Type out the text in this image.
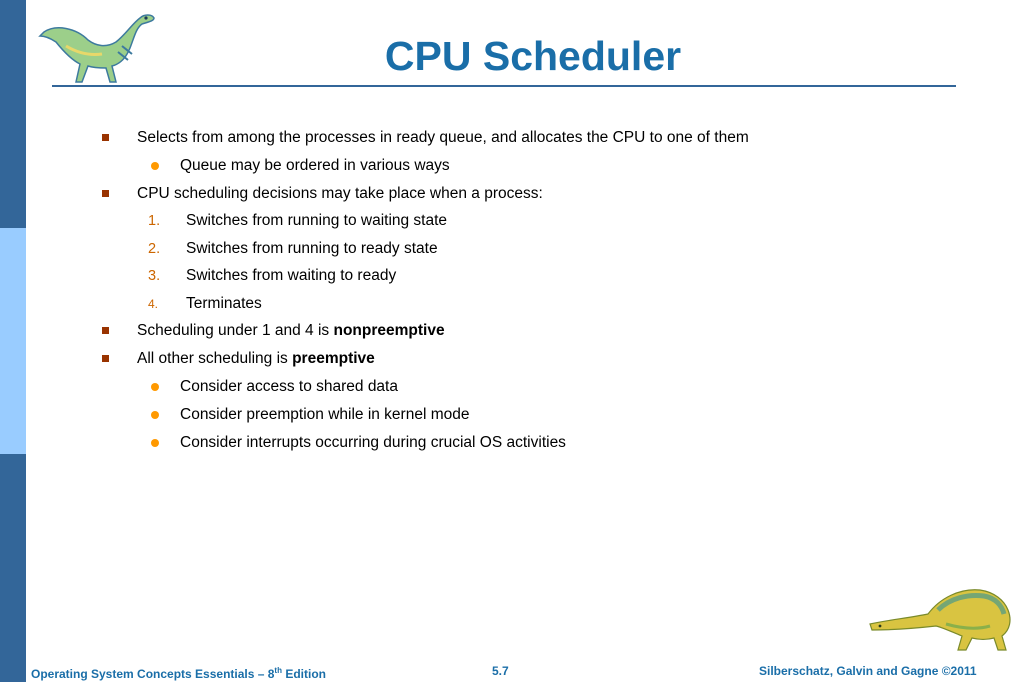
CPU Scheduler
Selects from among the processes in ready queue, and allocates the CPU to one of them
Queue may be ordered in various ways
CPU scheduling decisions may take place when a process:
1. Switches from running to waiting state
2. Switches from running to ready state
3. Switches from waiting to ready
4. Terminates
Scheduling under 1 and 4 is nonpreemptive
All other scheduling is preemptive
Consider access to shared data
Consider preemption while in kernel mode
Consider interrupts occurring during crucial OS activities
Operating System Concepts Essentials – 8th Edition	5.7	Silberschatz, Galvin and Gagne ©2011
